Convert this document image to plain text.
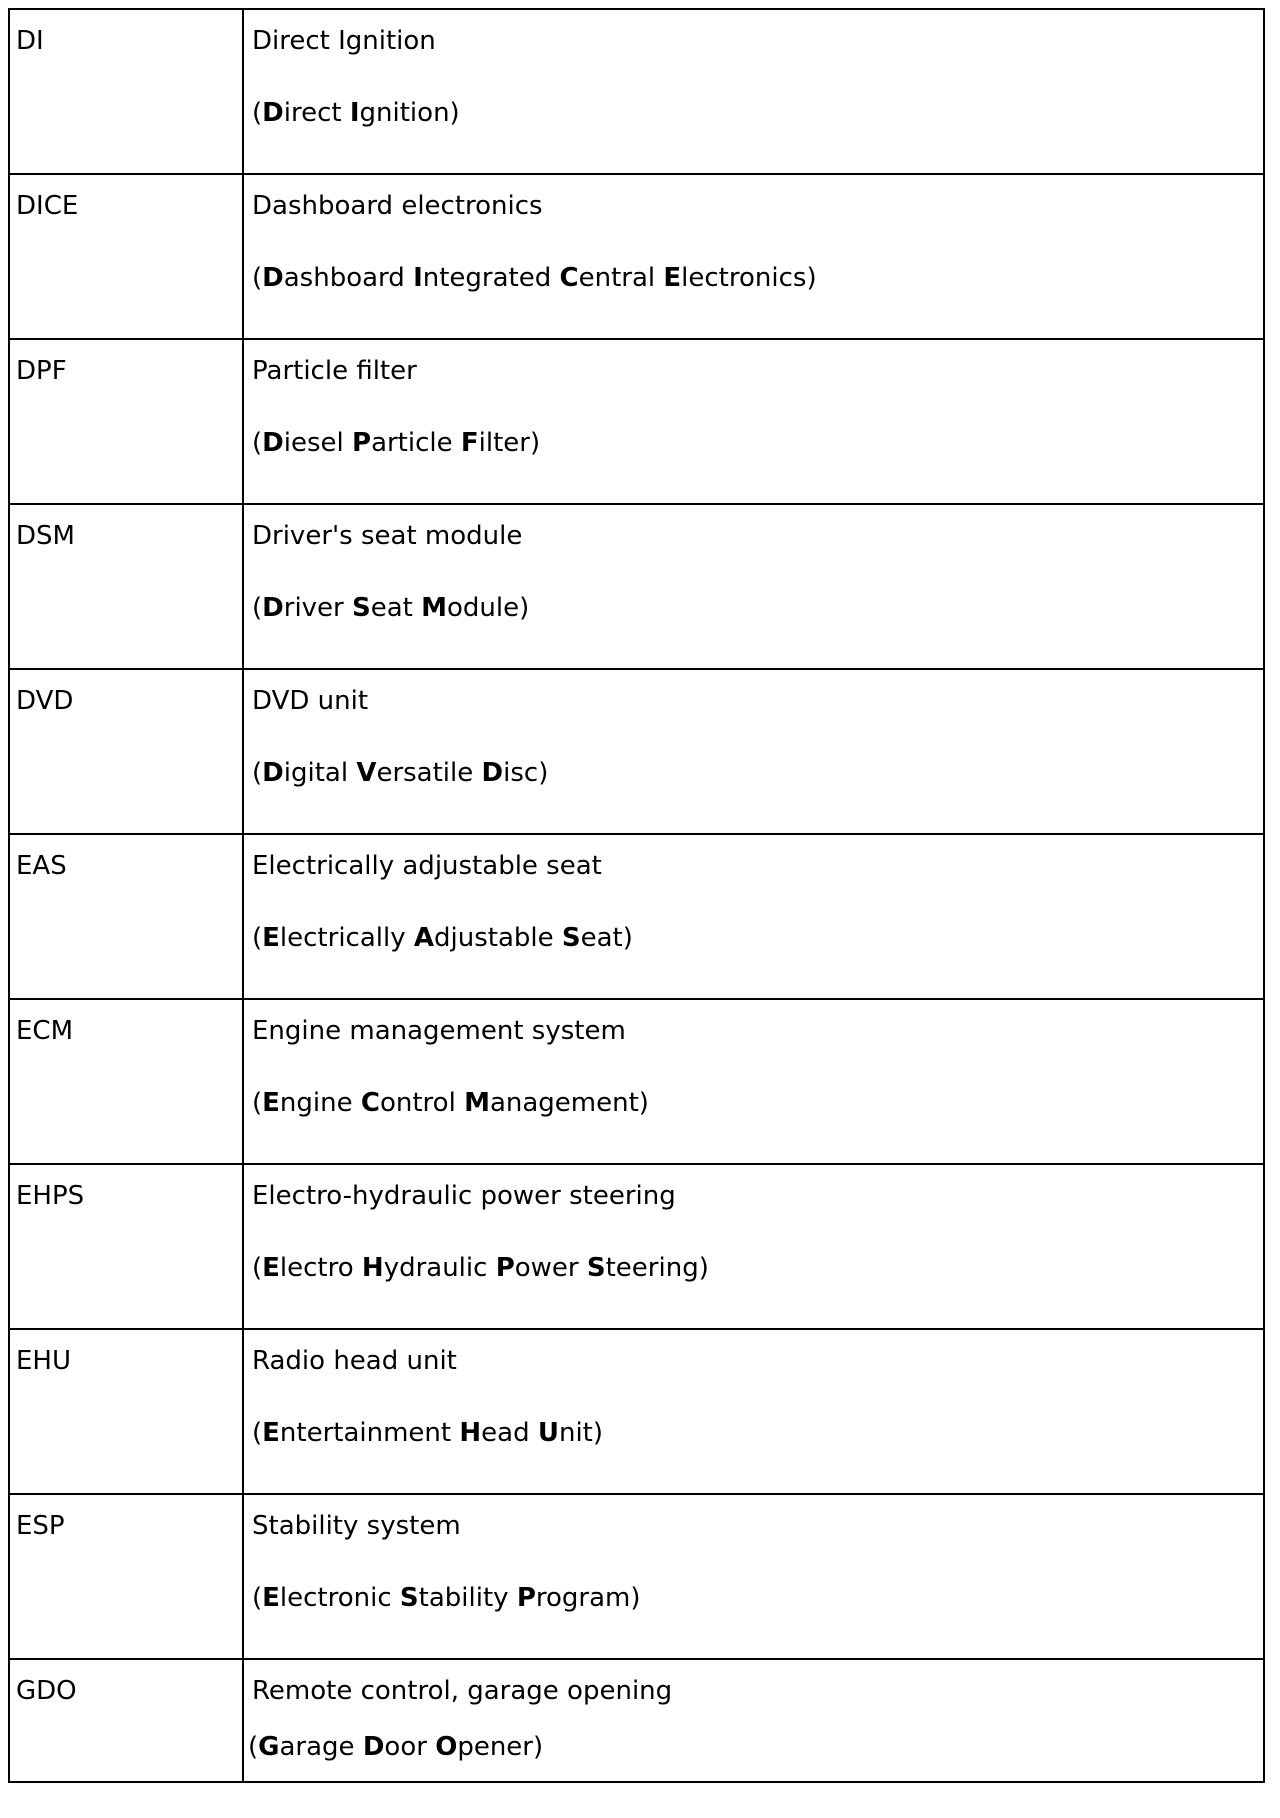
DI	Direct Ignition
(Direct Ignition)

DICE	Dashboard electronics
(Dashboard Integrated Central Electronics)

DPF	Particle filter
(Diesel Particle Filter)

DSM	Driver's seat module
(Driver Seat Module)

DVD	DVD unit
(Digital Versatile Disc)

EAS	Electrically adjustable seat
(Electrically Adjustable Seat)

ECM	Engine management system
(Engine Control Management)

EHPS	Electro-hydraulic power steering
(Electro Hydraulic Power Steering)

EHU	Radio head unit
(Entertainment Head Unit)

ESP	Stability system
(Electronic Stability Program)

GDO	Remote control, garage opening
(Garage Door Opener)
